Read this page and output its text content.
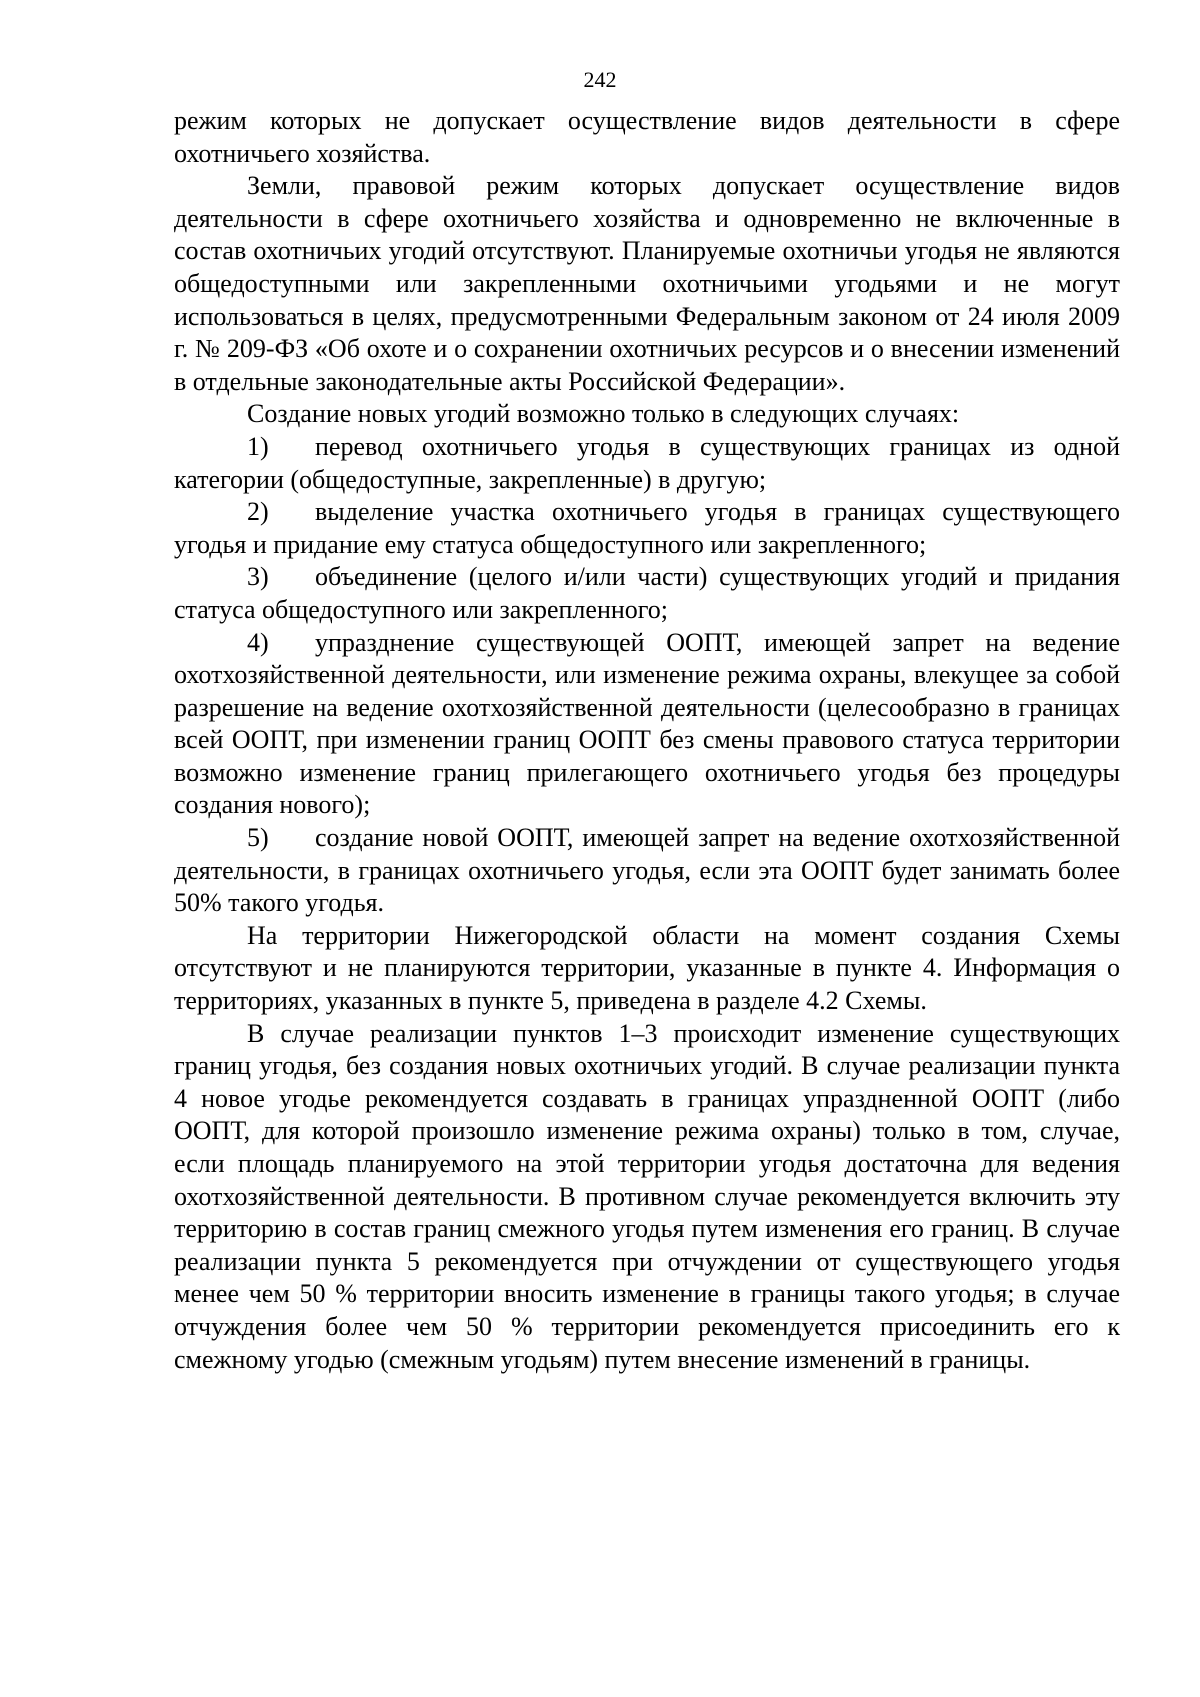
242

режим которых не допускает осуществление видов деятельности в сфере охотничьего хозяйства.

Земли, правовой режим которых допускает осуществление видов деятельности в сфере охотничьего хозяйства и одновременно не включенные в состав охотничьих угодий отсутствуют. Планируемые охотничьи угодья не являются общедоступными или закрепленными охотничьими угодьями и не могут использоваться в целях, предусмотренными Федеральным законом от 24 июля 2009 г. № 209-ФЗ «Об охоте и о сохранении охотничьих ресурсов и о внесении изменений в отдельные законодательные акты Российской Федерации».

Создание новых угодий возможно только в следующих случаях:

1) перевод охотничьего угодья в существующих границах из одной категории (общедоступные, закрепленные) в другую;

2) выделение участка охотничьего угодья в границах существующего угодья и придание ему статуса общедоступного или закрепленного;

3) объединение (целого и/или части) существующих угодий и придания статуса общедоступного или закрепленного;

4) упразднение существующей ООПТ, имеющей запрет на ведение охотхозяйственной деятельности, или изменение режима охраны, влекущее за собой разрешение на ведение охотхозяйственной деятельности (целесообразно в границах всей ООПТ, при изменении границ ООПТ без смены правового статуса территории возможно изменение границ прилегающего охотничьего угодья без процедуры создания нового);

5) создание новой ООПТ, имеющей запрет на ведение охотхозяйственной деятельности, в границах охотничьего угодья, если эта ООПТ будет занимать более 50% такого угодья.

На территории Нижегородской области на момент создания Схемы отсутствуют и не планируются территории, указанные в пункте 4. Информация о территориях, указанных в пункте 5, приведена в разделе 4.2 Схемы.

В случае реализации пунктов 1–3 происходит изменение существующих границ угодья, без создания новых охотничьих угодий. В случае реализации пункта 4 новое угодье рекомендуется создавать в границах упраздненной ООПТ (либо ООПТ, для которой произошло изменение режима охраны) только в том, случае, если площадь планируемого на этой территории угодья достаточна для ведения охотхозяйственной деятельности. В противном случае рекомендуется включить эту территорию в состав границ смежного угодья путем изменения его границ. В случае реализации пункта 5 рекомендуется при отчуждении от существующего угодья менее чем 50 % территории вносить изменение в границы такого угодья; в случае отчуждения более чем 50 % территории рекомендуется присоединить его к смежному угодью (смежным угодьям) путем внесение изменений в границы.
